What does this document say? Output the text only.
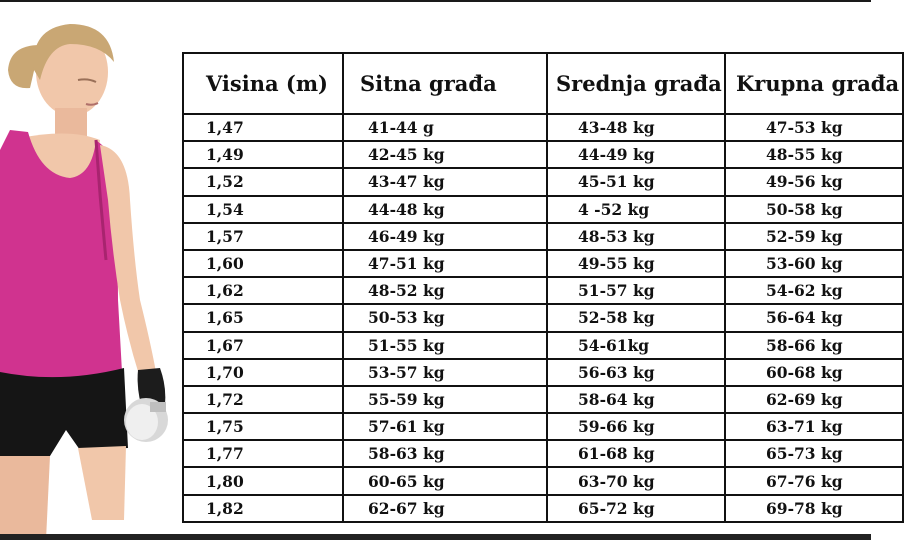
Visina (m)	Sitna građa	Srednja građa	Krupna građa
1,47	41-44 g	43-48 kg	47-53 kg
1,49	42-45 kg	44-49 kg	48-55 kg
1,52	43-47 kg	45-51 kg	49-56 kg
1,54	44-48 kg	4 -52 kg	50-58 kg
1,57	46-49 kg	48-53 kg	52-59 kg
1,60	47-51 kg	49-55 kg	53-60 kg
1,62	48-52 kg	51-57 kg	54-62 kg
1,65	50-53 kg	52-58 kg	56-64 kg
1,67	51-55 kg	54-61kg	58-66 kg
1,70	53-57 kg	56-63 kg	60-68 kg
1,72	55-59 kg	58-64 kg	62-69 kg
1,75	57-61 kg	59-66 kg	63-71 kg
1,77	58-63 kg	61-68 kg	65-73 kg
1,80	60-65 kg	63-70 kg	67-76 kg
1,82	62-67 kg	65-72 kg	69-78 kg
